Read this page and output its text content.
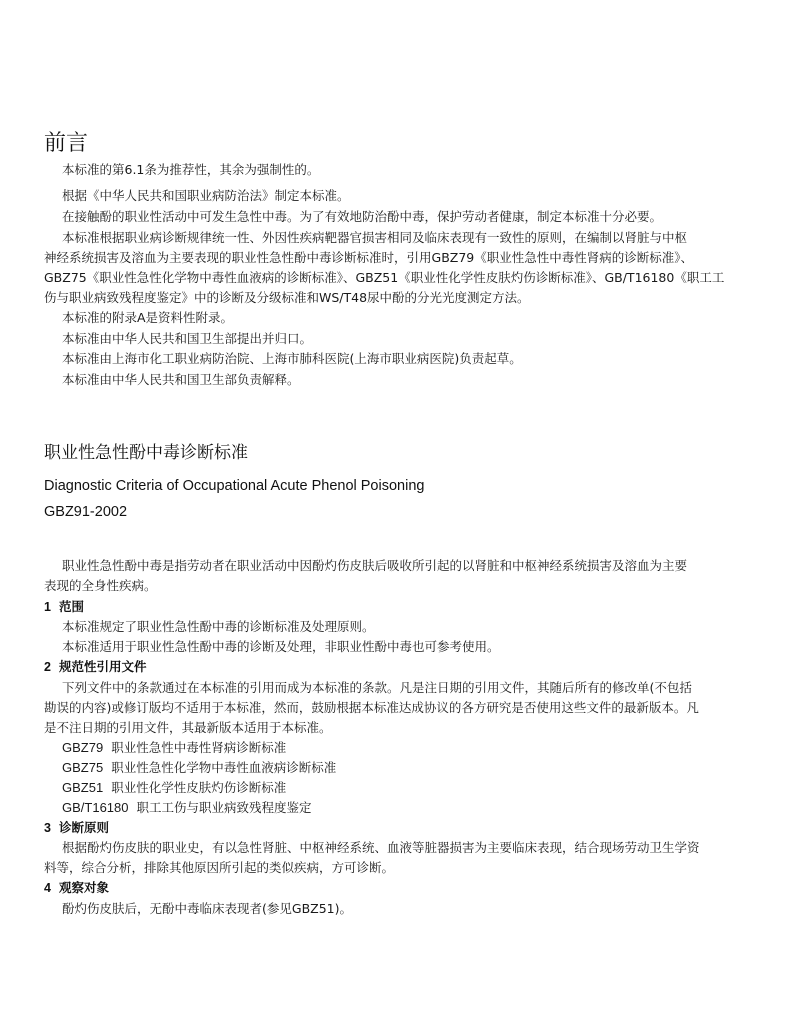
前言
本标准的第6.1条为推荐性，其余为强制性的。
根据《中华人民共和国职业病防治法》制定本标准。
在接触酚的职业性活动中可发生急性中毒。为了有效地防治酚中毒，保护劳动者健康，制定本标准十分必要。
本标准根据职业病诊断规律统一性、外因性疾病靶器官损害相同及临床表现有一致性的原则，在编制以肾脏与中枢
神经系统损害及溶血为主要表现的职业性急性酚中毒诊断标准时，引用GBZ79《职业性急性中毒性肾病的诊断标准》、
GBZ75《职业性急性化学物中毒性血液病的诊断标准》、GBZ51《职业性化学性皮肤灼伤诊断标准》、GB/T16180《职工工
伤与职业病致残程度鉴定》中的诊断及分级标准和WS/T48尿中酚的分光光度测定方法。
本标准的附录A是资料性附录。
本标准由中华人民共和国卫生部提出并归口。
本标准由上海市化工职业病防治院、上海市肺科医院(上海市职业病医院)负责起草。
本标准由中华人民共和国卫生部负责解释。
职业性急性酚中毒诊断标准
Diagnostic Criteria of Occupational Acute Phenol Poisoning
GBZ91-2002
职业性急性酚中毒是指劳动者在职业活动中因酚灼伤皮肤后吸收所引起的以肾脏和中枢神经系统损害及溶血为主要
表现的全身性疾病。
1 范围
本标准规定了职业性急性酚中毒的诊断标准及处理原则。
本标准适用于职业性急性酚中毒的诊断及处理，非职业性酚中毒也可参考使用。
2 规范性引用文件
下列文件中的条款通过在本标准的引用而成为本标准的条款。凡是注日期的引用文件，其随后所有的修改单(不包括
勘误的内容)或修订版均不适用于本标准，然而，鼓励根据本标准达成协议的各方研究是否使用这些文件的最新版本。凡
是不注日期的引用文件，其最新版本适用于本标准。
GBZ79 职业性急性中毒性肾病诊断标准
GBZ75 职业性急性化学物中毒性血液病诊断标准
GBZ51 职业性化学性皮肤灼伤诊断标准
GB/T16180 职工工伤与职业病致残程度鉴定
3 诊断原则
根据酚灼伤皮肤的职业史，有以急性肾脏、中枢神经系统、血液等脏器损害为主要临床表现，结合现场劳动卫生学资
料等，综合分析，排除其他原因所引起的类似疾病，方可诊断。
4 观察对象
酚灼伤皮肤后，无酚中毒临床表现者(参见GBZ51)。
